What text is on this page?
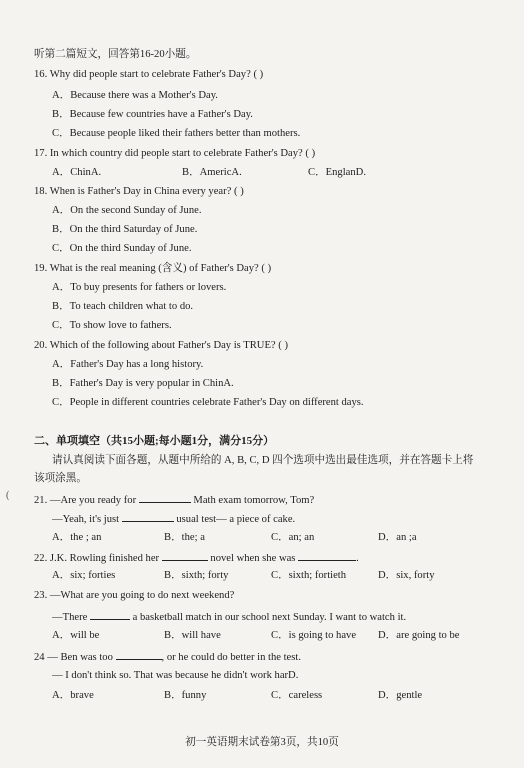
听第二篇短文，回答第16-20小题。
16. Why did people start to celebrate Father's Day? ( )
A．Because there was a Mother's Day.
B．Because few countries have a Father's Day.
C．Because people liked their fathers better than mothers.
17. In which country did people start to celebrate Father's Day? ( )
A．ChinA.	B．AmericA.	C．EnglanD.
18. When is Father's Day in China every year? ( )
A．On the second Sunday of June.
B．On the third Saturday of June.
C．On the third Sunday of June.
19. What is the real meaning (含义) of Father's Day? ( )
A．To buy presents for fathers or lovers.
B．To teach children what to do.
C．To show love to fathers.
20. Which of the following about Father's Day is TRUE? ( )
A．Father's Day has a long history.
B．Father's Day is very popular in ChinA.
C．People in different countries celebrate Father's Day on different days.
二、单项填空（共15小题;每小题1分，满分15分）
请认真阅读下面各题，从题中所给的 A, B, C, D 四个选项中选出最佳选项，并在答题卡上将
该项涂黑。
( 21. —Are you ready for	Math exam tomorrow, Tom?
—Yeah, it's just	usual test— a piece of cake.
A．the ; an	B．the; a	C．an; an	D．an ;a
22. J.K. Rowling finished her	novel when she was	.
A．six; forties	B．sixth; forty	C．sixth; fortieth	D．six, forty
23. —What are you going to do next weekend?
—There	a basketball match in our school next Sunday. I want to watch it.
A．will be	B．will have	C．is going to have D．are going to be
24 — Ben was too	, or he could do better in the test.
— I don't think so. That was because he didn't work harD.
A．brave	B．funny	C．careless	D．gentle
初一英语期末试卷第3页，共10页
